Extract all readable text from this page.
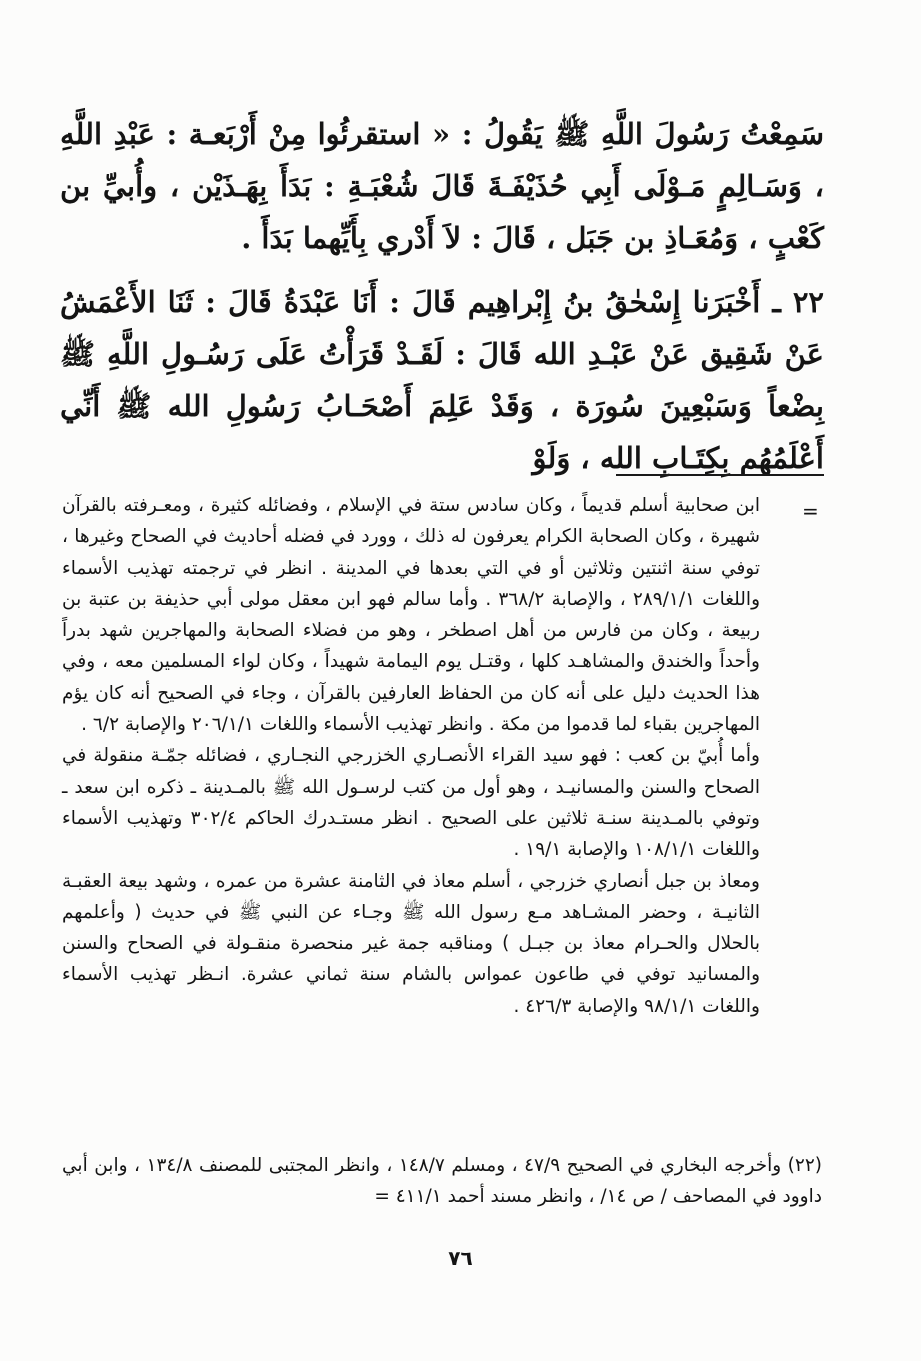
سَمِعْتُ رَسُولَ اللَّهِ ﷺ يَقُولُ : « استقرئُوا مِنْ أَرْبَعـة : عَبْدِ اللَّهِ ، وَسَـالِمٍ مَـوْلَى أَبِي حُذَيْفَـةَ قَالَ شُعْبَـةِ : بَدَأَ بِهَـذَيْن ، وأُبيِّ بن كَعْبٍ ، وَمُعَـاذِ بن جَبَل ، قَالَ : لاَ أَدْري بِأَيِّهما بَدَأَ .

٢٢ ـ أَخْبَرَنا إِسْحٰقُ بنُ إِبْراهِيم قَالَ : أَنَا عَبْدَةُ قَالَ : ثَنَا الأَعْمَشُ عَنْ شَقِيق عَنْ عَبْـدِ الله قَالَ : لَقَـدْ قَرَأْتُ عَلَى رَسُـولِ اللَّهِ ﷺ بِضْعاً وَسَبْعِينَ سُورَة ، وَقَدْ عَلِمَ أَصْحَـابُ رَسُولِ الله ﷺ أَنِّي أَعْلَمُهُم بِكِتَـابِ الله ، وَلَوْ

=

ابن صحابية أسلم قديماً ، وكان سادس ستة في الإسلام ، وفضائله كثيرة ، ومعـرفته بالقرآن شهيرة ، وكان الصحابة الكرام يعرفون له ذلك ، وورد في فضله أحاديث في الصحاح وغيرها ، توفي سنة اثنتين وثلاثين أو في التي بعدها في المدينة . انظر في ترجمته تهذيب الأسماء واللغات ٢٨٩/١/١ ، والإصابة ٣٦٨/٢ . وأما سالم فهو ابن معقل مولى أبي حذيفة بن عتبة بن ربيعة ، وكان من فارس من أهل اصطخر ، وهو من فضلاء الصحابة والمهاجرين شهد بدراً وأحداً والخندق والمشاهـد كلها ، وقتـل يوم اليمامة شهيداً ، وكان لواء المسلمين معه ، وفي هذا الحديث دليل على أنه كان من الحفاظ العارفين بالقرآن ، وجاء في الصحيح أنه كان يؤم المهاجرين بقباء لما قدموا من مكة . وانظر تهذيب الأسماء واللغات ٢٠٦/١/١ والإصابة ٦/٢ .

وأما أُبيّ بن كعب : فهو سيد القراء الأنصـاري الخزرجي النجـاري ، فضائله جمّـة منقولة في الصحاح والسنن والمسانيـد ، وهو أول من كتب لرسـول الله ﷺ بالمـدينة ـ ذكره ابن سعد ـ وتوفي بالمـدينة سنـة ثلاثين على الصحيح . انظر مستـدرك الحاكم ٣٠٢/٤ وتهذيب الأسماء واللغات ١٠٨/١/١ والإصابة ١٩/١ .

ومعاذ بن جبل أنصاري خزرجي ، أسلم معاذ في الثامنة عشرة من عمره ، وشهد بيعة العقبـة الثانيـة ، وحضر المشـاهد مـع رسول الله ﷺ وجـاء عن النبي ﷺ في حديث ( وأعلمهم بالحلال والحـرام معاذ بن جبـل ) ومناقبه جمة غير منحصرة منقـولة في الصحاح والسنن والمسانيد توفي في طاعون عمواس بالشام سنة ثماني عشرة. انـظر تهذيب الأسماء واللغات ٩٨/١/١ والإصابة ٤٢٦/٣ .

(٢٢) وأخرجه البخاري في الصحيح ٤٧/٩ ، ومسلم ١٤٨/٧ ، وانظر المجتبى للمصنف ١٣٤/٨ ، وابن أبي داوود في المصاحف / ص ١٤/ ، وانظر مسند أحمد ٤١١/١ =

٧٦
